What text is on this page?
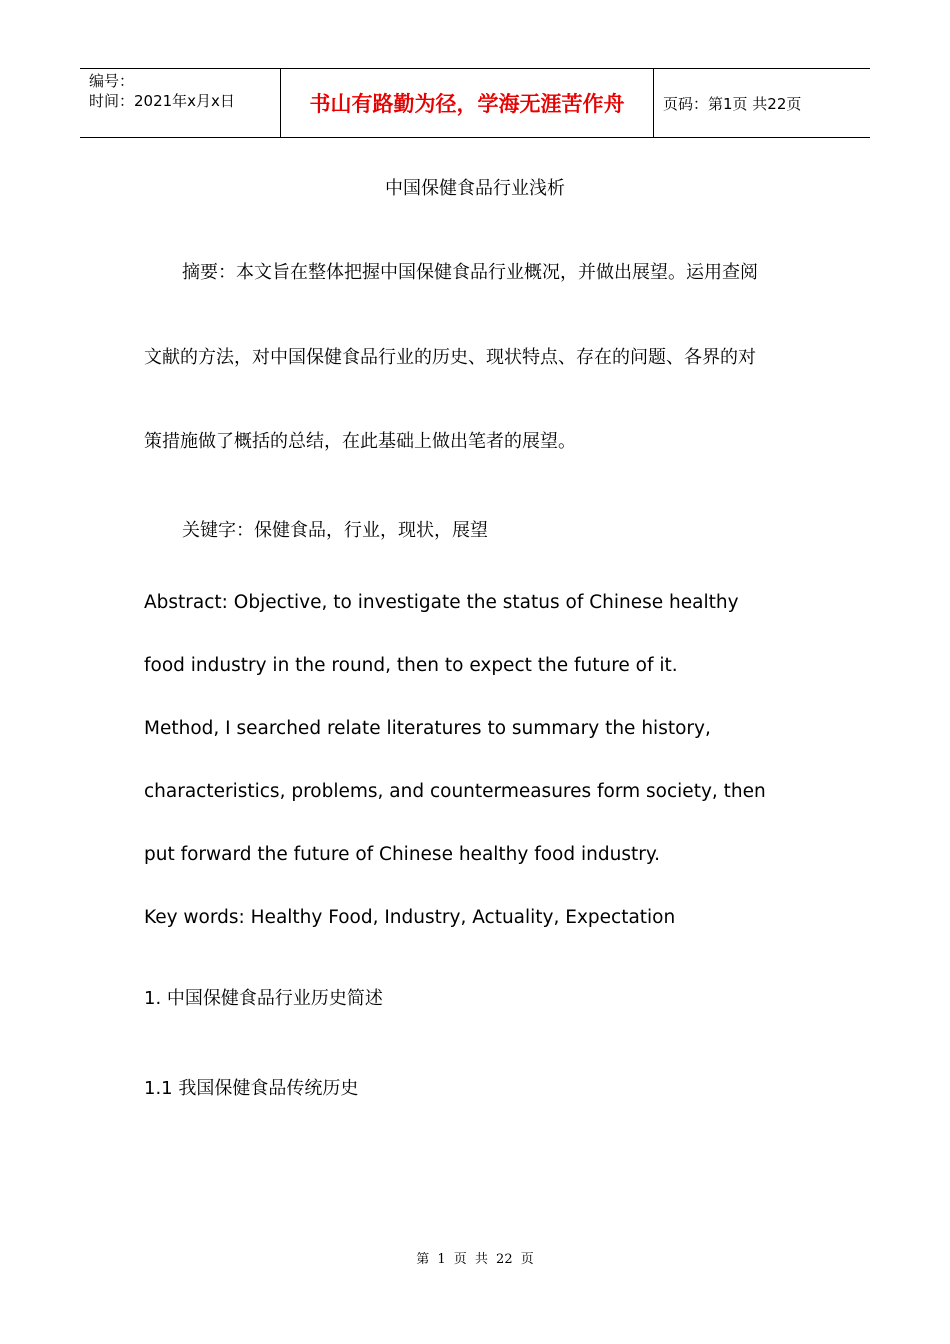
编号：
时间：2021年x月x日	书山有路勤为径，学海无涯苦作舟	页码：第1页 共22页
中国保健食品行业浅析
摘要：本文旨在整体把握中国保健食品行业概况，并做出展望。运用查阅
文献的方法，对中国保健食品行业的历史、现状特点、存在的问题、各界的对
策措施做了概括的总结，在此基础上做出笔者的展望。
关键字：保健食品，行业，现状，展望
Abstract: Objective, to investigate the status of Chinese healthy
food industry in the round, then to expect the future of it.
Method, I searched relate literatures to summary the history,
characteristics, problems, and countermeasures form society, then
put forward the future of Chinese healthy food industry.
Key words: Healthy Food, Industry, Actuality, Expectation
1. 中国保健食品行业历史简述
1.1 我国保健食品传统历史
第 1 页 共 22 页
